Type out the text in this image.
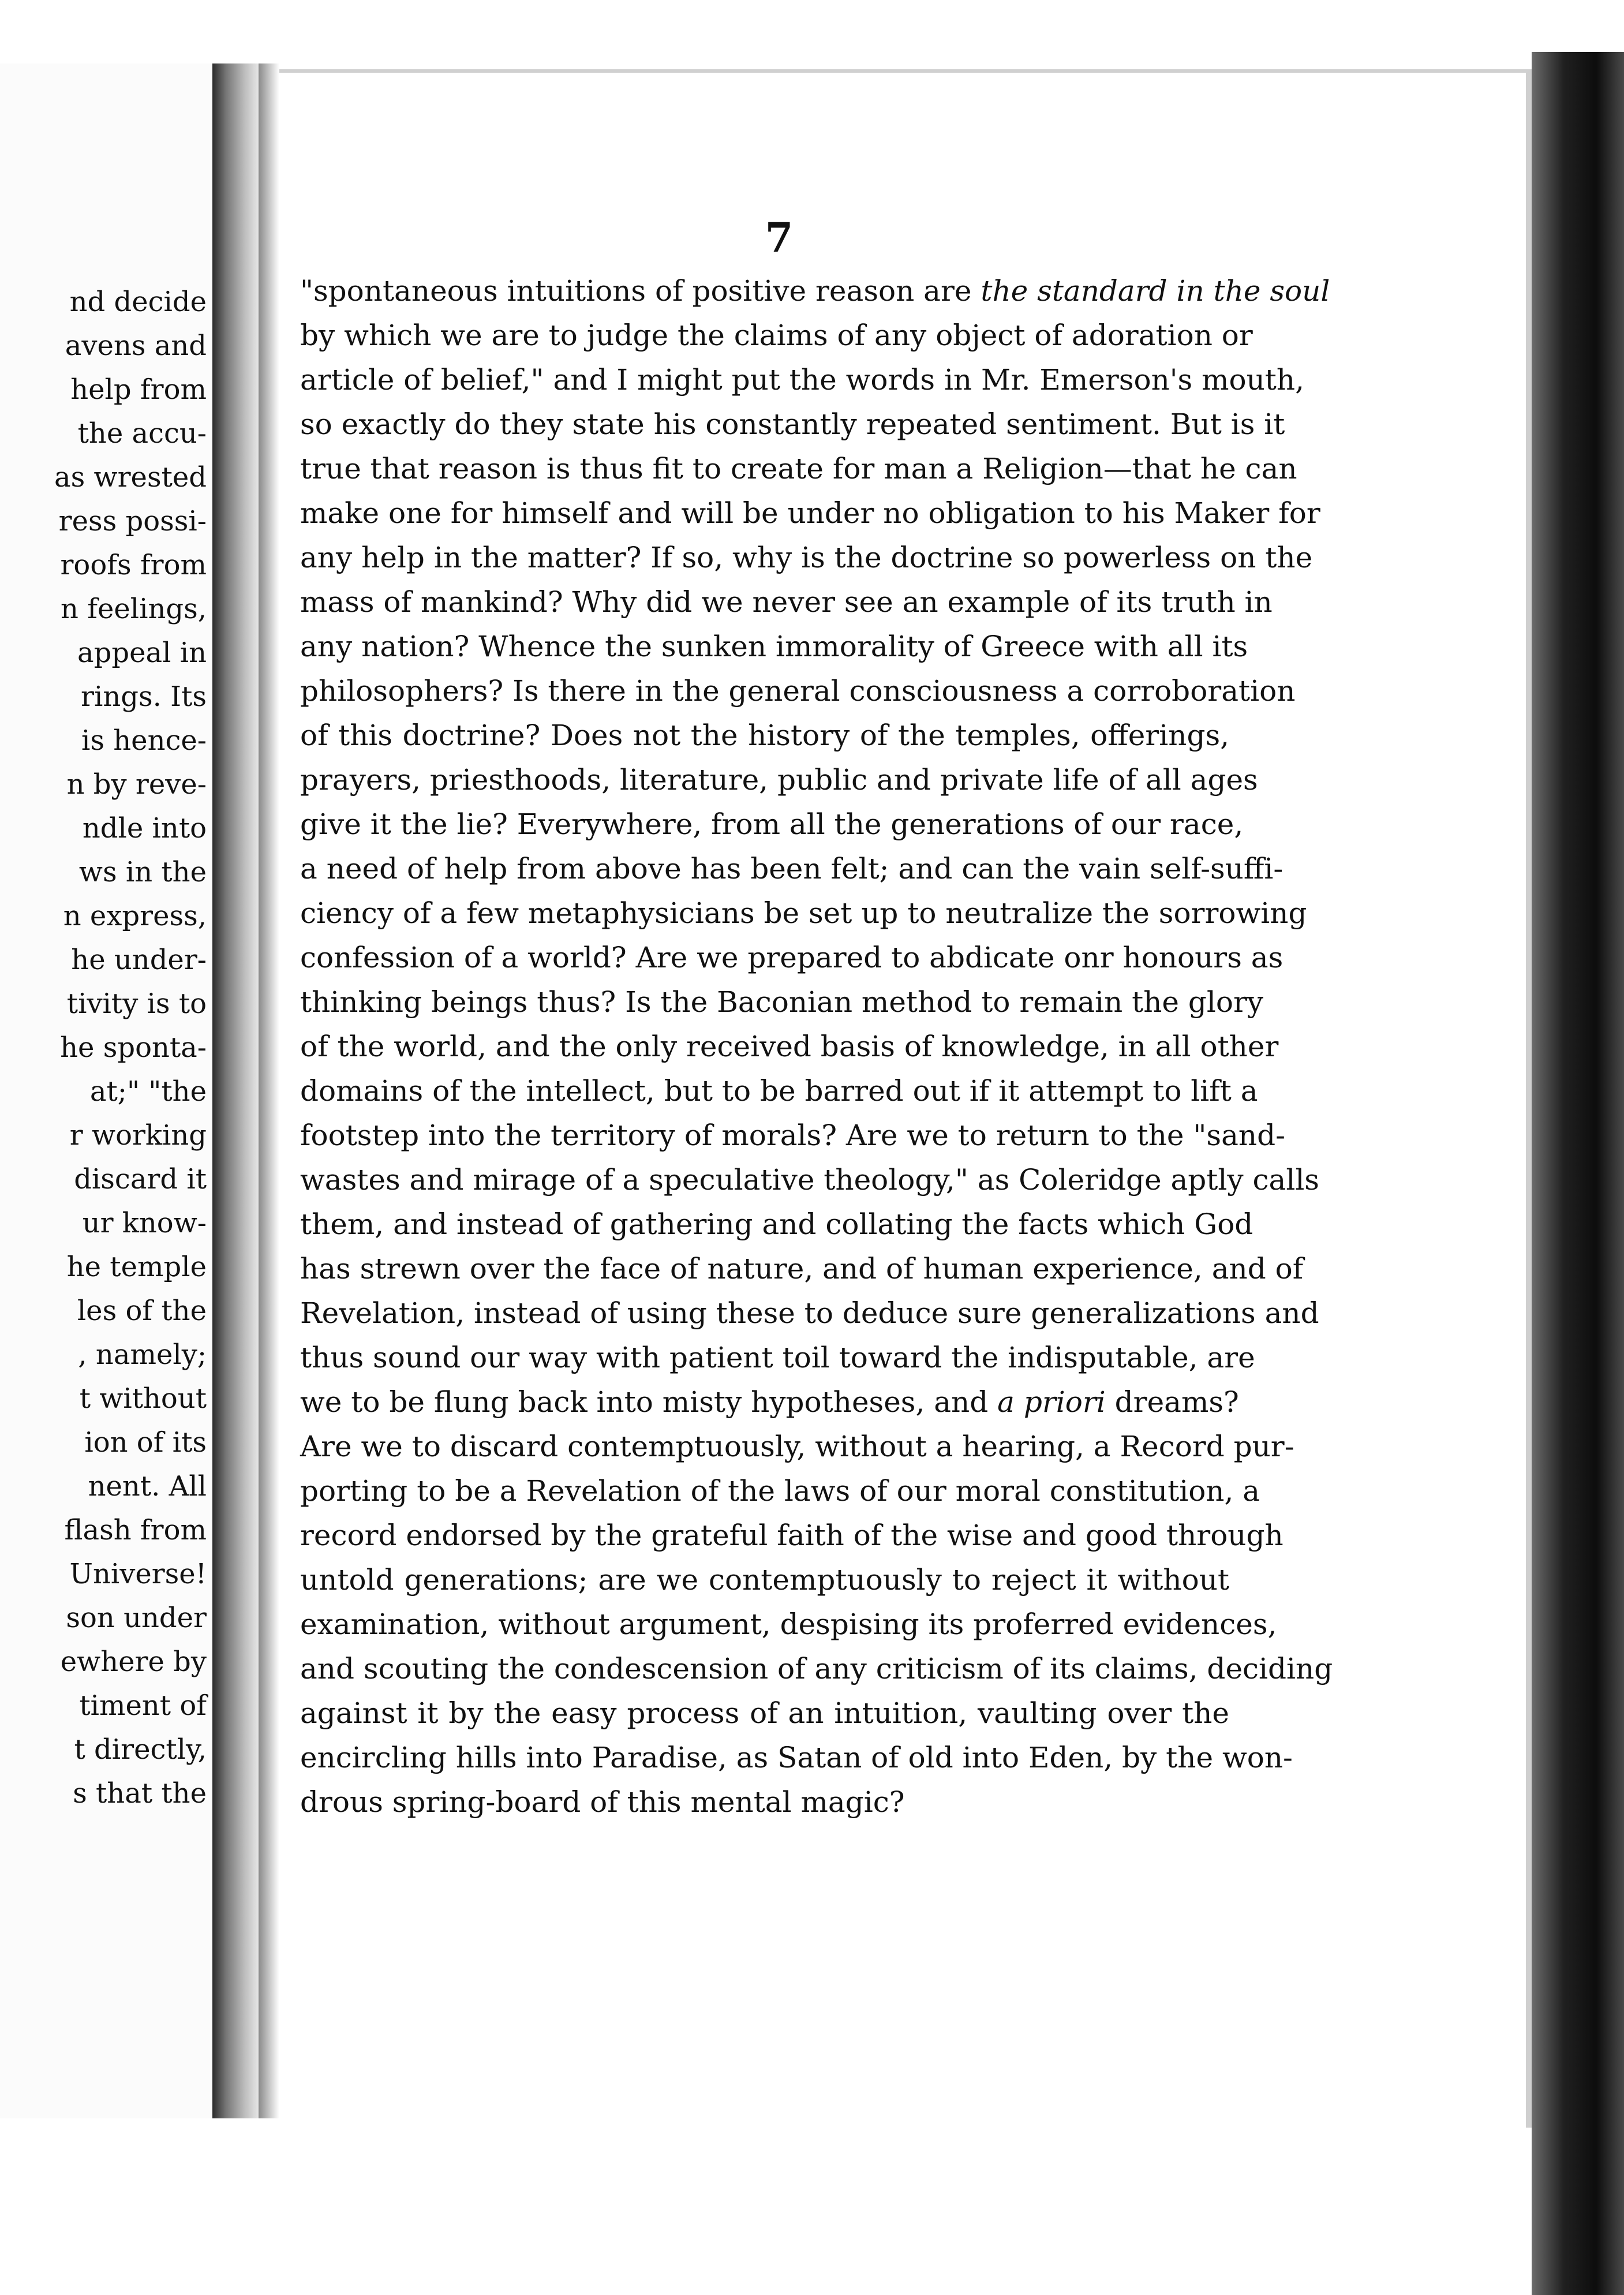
nd decide
avens and
help from
the accu-
as wrested
ress possi-
roofs from
n feelings,
appeal in
rings. Its
is hence-
n by reve-
ndle into
ws in the
n express,
he under-
tivity is to
he sponta-
at;" "the
r working
discard it
ur know-
he temple
les of the
, namely;
t without
ion of its
nent. All
flash from
Universe!
son under
ewhere by
timent of
t directly,
s that the
7
"spontaneous intuitions of positive reason are the standard in the soul
by which we are to judge the claims of any object of adoration or
article of belief," and I might put the words in Mr. Emerson's mouth,
so exactly do they state his constantly repeated sentiment. But is it
true that reason is thus fit to create for man a Religion—that he can
make one for himself and will be under no obligation to his Maker for
any help in the matter? If so, why is the doctrine so powerless on the
mass of mankind? Why did we never see an example of its truth in
any nation? Whence the sunken immorality of Greece with all its
philosophers? Is there in the general consciousness a corroboration
of this doctrine? Does not the history of the temples, offerings,
prayers, priesthoods, literature, public and private life of all ages
give it the lie? Everywhere, from all the generations of our race,
a need of help from above has been felt; and can the vain self-suffi-
ciency of a few metaphysicians be set up to neutralize the sorrowing
confession of a world? Are we prepared to abdicate onr honours as
thinking beings thus? Is the Baconian method to remain the glory
of the world, and the only received basis of knowledge, in all other
domains of the intellect, but to be barred out if it attempt to lift a
footstep into the territory of morals? Are we to return to the "sand-
wastes and mirage of a speculative theology," as Coleridge aptly calls
them, and instead of gathering and collating the facts which God
has strewn over the face of nature, and of human experience, and of
Revelation, instead of using these to deduce sure generalizations and
thus sound our way with patient toil toward the indisputable, are
we to be flung back into misty hypotheses, and a priori dreams?
Are we to discard contemptuously, without a hearing, a Record pur-
porting to be a Revelation of the laws of our moral constitution, a
record endorsed by the grateful faith of the wise and good through
untold generations; are we contemptuously to reject it without
examination, without argument, despising its proferred evidences,
and scouting the condescension of any criticism of its claims, deciding
against it by the easy process of an intuition, vaulting over the
encircling hills into Paradise, as Satan of old into Eden, by the won-
drous spring-board of this mental magic?
